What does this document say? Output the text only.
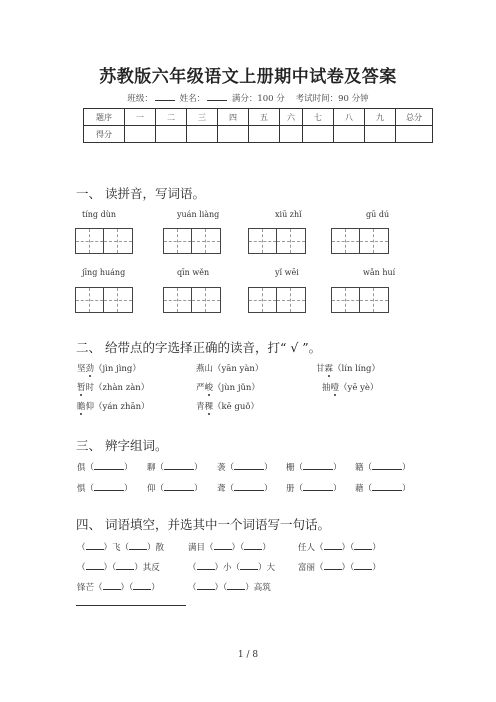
苏教版六年级语文上册期中试卷及答案
班级：	姓名：	满分：100 分 考试时间：90 分钟
题序	一	二	三	四	五	六	七	八	九	总分
得分										
一、 读拼音，写词语。
tíng dùn	yuán liàng	xiū zhǐ	gū dú
jīng huáng	qīn wěn	yǐ wēi	wǎn huí
二、 给带点的字选择正确的读音，打“ √ ”。
坚劲（jìn jìng）	燕山（yān yàn）	甘霖（lín líng）
暂时（zhàn zàn）	严峻（jùn jǔn）	抽噎（yē yè）
瞻仰（yán zhān）	青稞（kē guǒ）
三、 辨字组词。
俱（	） 聊（	） 袭（	） 栅（	） 籍（	）
惧（	） 仰（	） 聋（	） 册（	） 藉（	）
四、 词语填空，并选其中一个词语写一句话。
（ ）飞（ ）散	满目（ ）（ ）	任人（ ）（ ）
（ ）（ ）其反	（ ）小（ ）大	富丽（ ）（ ）
锋芒（ ）（ ）	（ ）（ ）高筑
1 / 8
